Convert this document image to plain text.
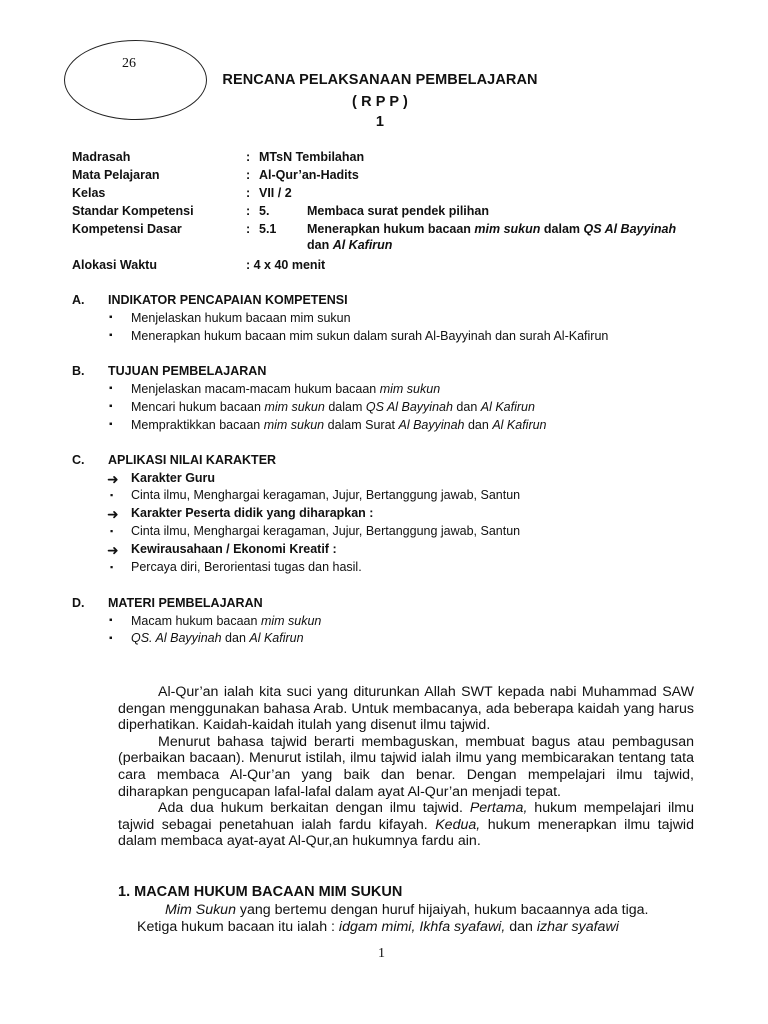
26
RENCANA PELAKSANAAN PEMBELAJARAN
( R P P )
1
Madrasah	: MTsN Tembilahan
Mata Pelajaran	: Al-Qur’an-Hadits
Kelas	: VII / 2
Standar Kompetensi	: 5.	Membaca surat pendek pilihan
Kompetensi Dasar	: 5.1 Menerapkan hukum bacaan mim sukun dalam QS Al Bayyinah
dan Al Kafirun
Alokasi Waktu	: 4 x 40 menit
A. INDIKATOR PENCAPAIAN KOMPETENSI
▪ Menjelaskan hukum bacaan mim sukun
▪ Menerapkan hukum bacaan mim sukun dalam surah Al-Bayyinah dan surah Al-Kafirun
B. TUJUAN PEMBELAJARAN
▪ Menjelaskan macam-macam hukum bacaan mim sukun
▪ Mencari hukum bacaan mim sukun dalam QS Al Bayyinah dan Al Kafirun
▪ Mempraktikkan bacaan mim sukun dalam Surat Al Bayyinah dan Al Kafirun
C. APLIKASI NILAI KARAKTER
➜ Karakter Guru
▪ Cinta ilmu, Menghargai keragaman, Jujur, Bertanggung jawab, Santun
➜ Karakter Peserta didik yang diharapkan :
▪ Cinta ilmu, Menghargai keragaman, Jujur, Bertanggung jawab, Santun
➜ Kewirausahaan / Ekonomi Kreatif :
▪ Percaya diri, Berorientasi tugas dan hasil.
D. MATERI PEMBELAJARAN
▪ Macam hukum bacaan mim sukun
▪ QS. Al Bayyinah dan Al Kafirun

Al-Qur’an ialah kita suci yang diturunkan Allah SWT kepada nabi Muhammad SAW dengan menggunakan bahasa Arab. Untuk membacanya, ada beberapa kaidah yang harus diperhatikan. Kaidah-kaidah itulah yang disenut ilmu tajwid.

Menurut bahasa tajwid berarti membaguskan, membuat bagus atau pembagusan (perbaikan bacaan). Menurut istilah, ilmu tajwid ialah ilmu yang membicarakan tentang tata cara membaca Al-Qur’an yang baik dan benar. Dengan mempelajari ilmu tajwid, diharapkan pengucapan lafal-lafal dalam ayat Al-Qur’an menjadi tepat.

Ada dua hukum berkaitan dengan ilmu tajwid. Pertama, hukum mempelajari ilmu tajwid sebagai penetahuan ialah fardu kifayah. Kedua, hukum menerapkan ilmu tajwid dalam membaca ayat-ayat Al-Qur,an hukumnya fardu ain.

1. MACAM HUKUM BACAAN MIM SUKUN
Mim Sukun yang bertemu dengan huruf hijaiyah, hukum bacaannya ada tiga.
Ketiga hukum bacaan itu ialah : idgam mimi, Ikhfa syafawi, dan izhar syafawi
1
